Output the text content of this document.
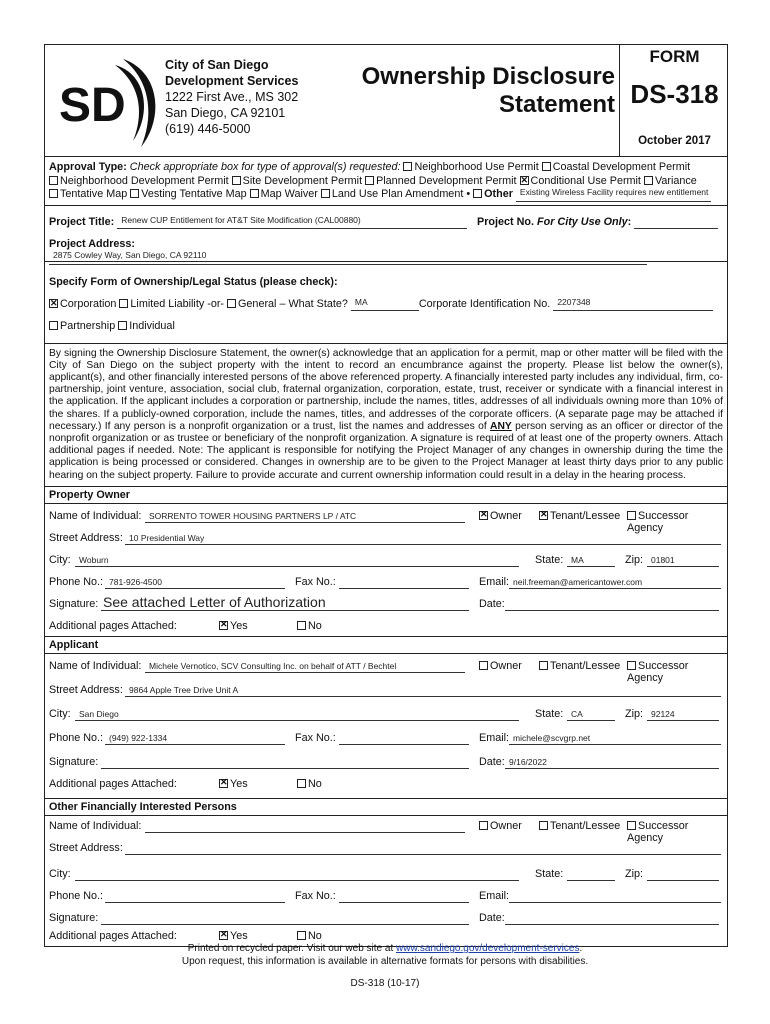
SD
City of San Diego
Development Services
1222 First Ave., MS 302
San Diego, CA 92101
(619) 446-5000
Ownership Disclosure
Statement
FORM
DS-318
October 2017
Approval Type: Check appropriate box for type of approval(s) requested: Neighborhood Use Permit Coastal Development Permit
Neighborhood Development Permit Site Development Permit Planned Development Permit ✕ Conditional Use Permit Variance
Tentative Map Vesting Tentative Map Map Waiver Land Use Plan Amendment • Other Existing Wireless Facility requires new entitlement
Project Title: Renew CUP Entitlement for AT&T Site Modification (CAL00880)	Project No. For City Use Only:
Project Address:
2875 Cowley Way, San Diego, CA 92110
Specify Form of Ownership/Legal Status (please check):
✕Corporation Limited Liability -or- General – What State? MA	Corporate Identification No. 2207348
Partnership Individual
By signing the Ownership Disclosure Statement, the owner(s) acknowledge that an application for a permit, map or other matter will be filed with the City of San Diego on the subject property with the intent to record an encumbrance against the property. Please list below the owner(s), applicant(s), and other financially interested persons of the above referenced property. A financially interested party includes any individual, firm, co-partnership, joint venture, association, social club, fraternal organization, corporation, estate, trust, receiver or syndicate with a financial interest in the application. If the applicant includes a corporation or partnership, include the names, titles, addresses of all individuals owning more than 10% of the shares. If a publicly-owned corporation, include the names, titles, and addresses of the corporate officers. (A separate page may be attached if necessary.) If any person is a nonprofit organization or a trust, list the names and addresses of ANY person serving as an officer or director of the nonprofit organization or as trustee or beneficiary of the nonprofit organization. A signature is required of at least one of the property owners. Attach additional pages if needed. Note: The applicant is responsible for notifying the Project Manager of any changes in ownership during the time the application is being processed or considered. Changes in ownership are to be given to the Project Manager at least thirty days prior to any public hearing on the subject property. Failure to provide accurate and current ownership information could result in a delay in the hearing process.
Property Owner
Name of Individual: SORRENTO TOWER HOUSING PARTNERS LP / ATC ✕	Owner ✕	Tenant/Lessee	Successor Agency
Street Address: 10 Presidential Way
City: Woburn	State: MA	Zip: 01801
Phone No.: 781-926-4500	Fax No.:	Email: neil.freeman@americantower.com
Signature: See attached Letter of Authorization	Date:
Additional pages Attached: ✕	Yes	No
Applicant
Name of Individual: Michele Vernotico, SCV Consulting Inc. on behalf of ATT / Bechtel	Owner	Tenant/Lessee	Successor Agency
Street Address: 9864 Apple Tree Drive Unit A
City: San Diego	State: CA	Zip: 92124
Phone No.: (949) 922-1334	Fax No.:	Email: michele@scvgrp.net
Signature:	Date: 9/16/2022
Additional pages Attached: ✕	Yes	No
Other Financially Interested Persons
Name of Individual:	Owner	Tenant/Lessee	Successor Agency
Street Address:
City:	State:	Zip:
Phone No.:	Fax No.:	Email:
Signature:	Date:
Additional pages Attached: ✕	Yes	No
Printed on recycled paper. Visit our web site at www.sandiego.gov/development-services.
Upon request, this information is available in alternative formats for persons with disabilities.
DS-318 (10-17)
